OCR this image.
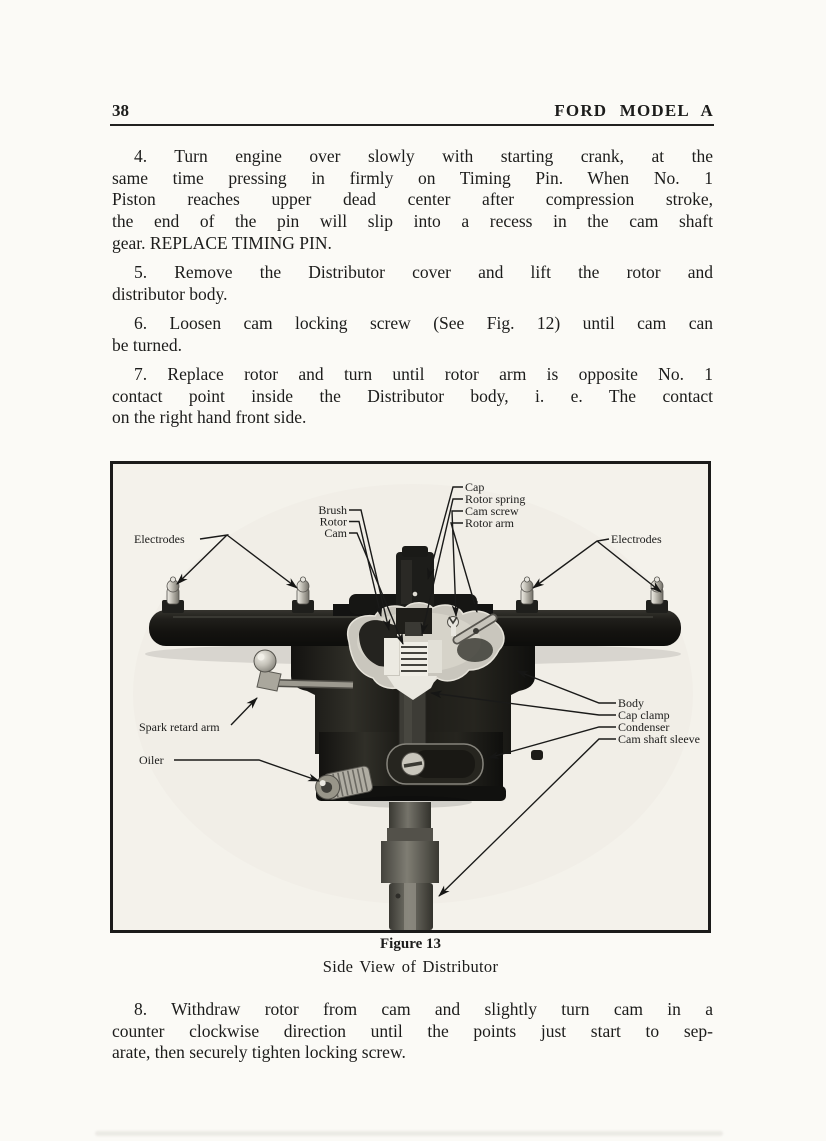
38	FORD MODEL A
4. Turn engine over slowly with starting crank, at the
same time pressing in firmly on Timing Pin. When No. 1
Piston reaches upper dead center after compression stroke,
the end of the pin will slip into a recess in the cam shaft
gear. REPLACE TIMING PIN.
5. Remove the Distributor cover and lift the rotor and
distributor body.
6. Loosen cam locking screw (See Fig. 12) until cam can
be turned.
7. Replace rotor and turn until rotor arm is opposite No. 1
contact point inside the Distributor body, i. e. The contact
on the right hand front side.
Electrodes	Electrodes
Brush
Rotor
Cam
Cap
Rotor spring
Cam screw
Rotor arm
Spark retard arm
Oiler
Body
Cap clamp
Condenser
Cam shaft sleeve
Figure 13
Side View of Distributor
8. Withdraw rotor from cam and slightly turn cam in a
counter clockwise direction until the points just start to sep-
arate, then securely tighten locking screw.
